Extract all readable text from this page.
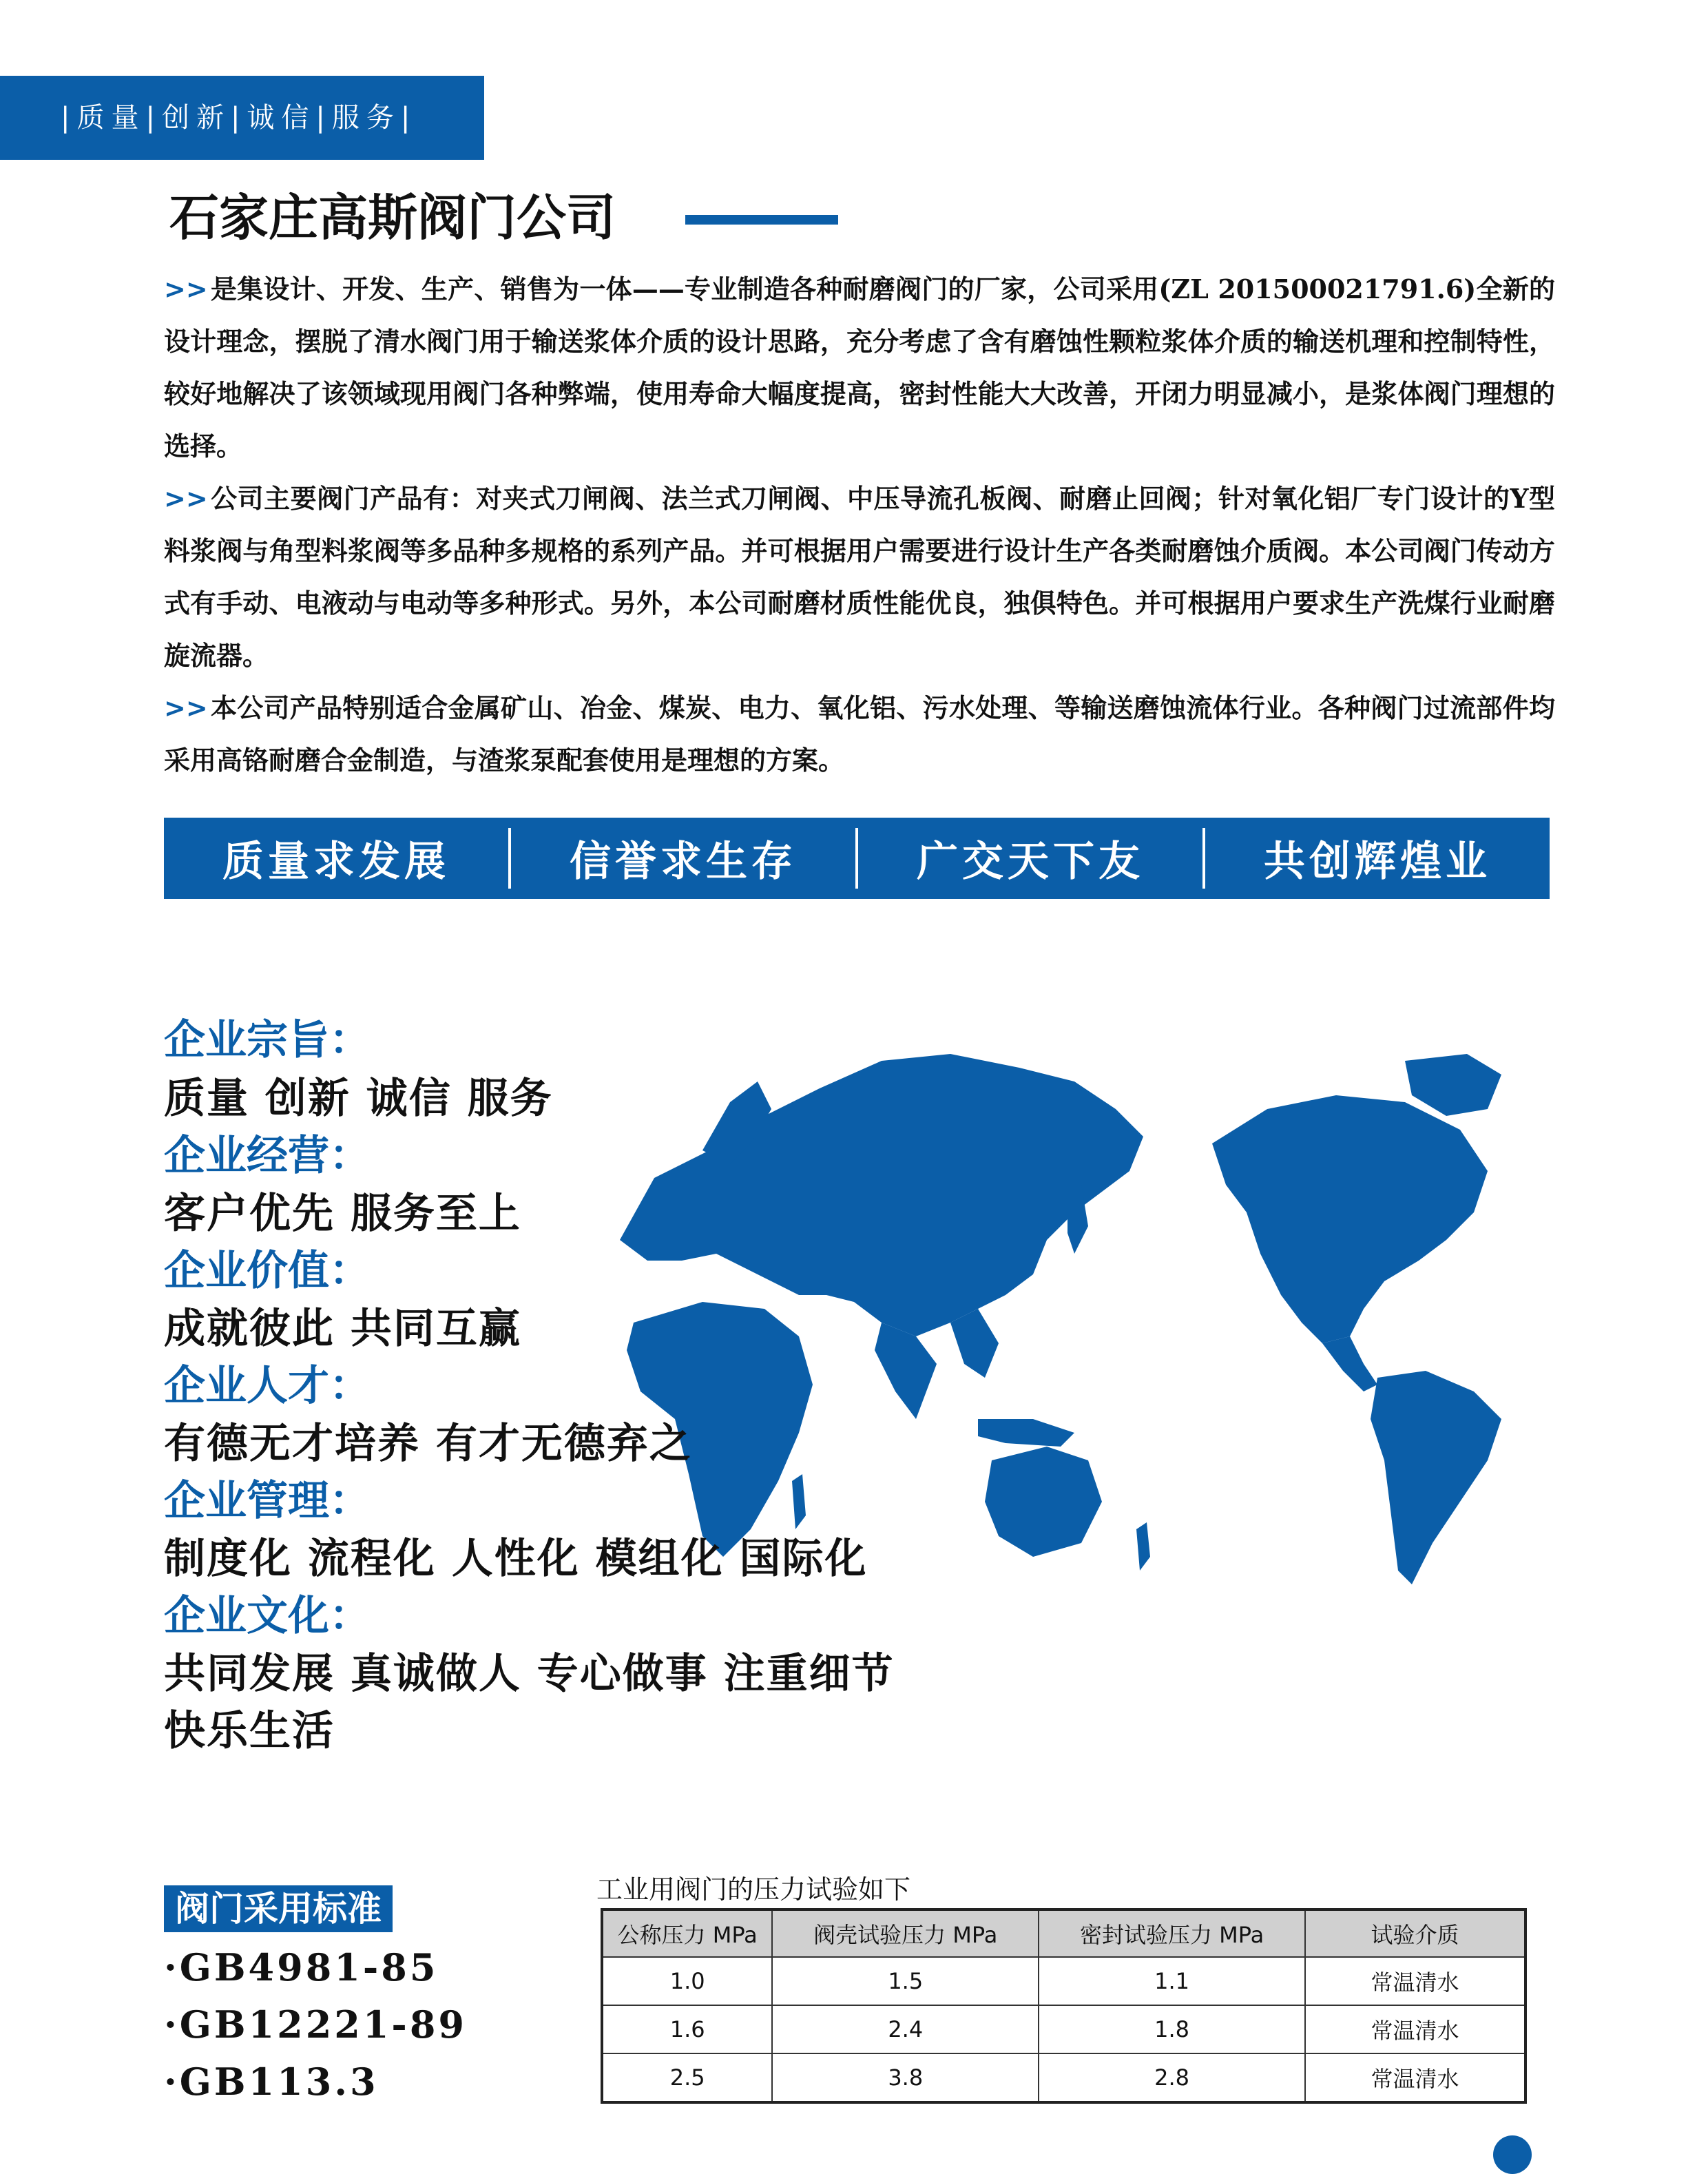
|质量|创新|诚信|服务|
石家庄高斯阀门公司
>> 是集设计、开发、生产、销售为一体——专业制造各种耐磨阀门的厂家，公司采用(ZL 201500021791.6)全新的设计理念，摆脱了清水阀门用于输送浆体介质的设计思路，充分考虑了含有磨蚀性颗粒浆体介质的输送机理和控制特性，较好地解决了该领域现用阀门各种弊端，使用寿命大幅度提高，密封性能大大改善，开闭力明显减小，是浆体阀门理想的选择。
>> 公司主要阀门产品有：对夹式刀闸阀、法兰式刀闸阀、中压导流孔板阀、耐磨止回阀；针对氧化铝厂专门设计的Y型料浆阀与角型料浆阀等多品种多规格的系列产品。并可根据用户需要进行设计生产各类耐磨蚀介质阀。本公司阀门传动方式有手动、电液动与电动等多种形式。另外，本公司耐磨材质性能优良，独俱特色。并可根据用户要求生产洗煤行业耐磨旋流器。
>> 本公司产品特别适合金属矿山、冶金、煤炭、电力、氧化铝、污水处理、等输送磨蚀流体行业。各种阀门过流部件均采用高铬耐磨合金制造，与渣浆泵配套使用是理想的方案。
质量求发展	信誉求生存	广交天下友	共创辉煌业
企业宗旨：
质量 创新 诚信 服务
企业经营：
客户优先 服务至上
企业价值：
成就彼此 共同互赢
企业人才：
有德无才培养 有才无德弃之
企业管理：
制度化 流程化 人性化 模组化 国际化
企业文化：
共同发展 真诚做人 专心做事 注重细节
快乐生活
阀门采用标准
·GB4981-85
·GB12221-89
·GB113.3
工业用阀门的压力试验如下
公称压力 MPa	阀壳试验压力 MPa	密封试验压力 MPa	试验介质
1.0	1.5	1.1	常温清水
1.6	2.4	1.8	常温清水
2.5	3.8	2.8	常温清水
